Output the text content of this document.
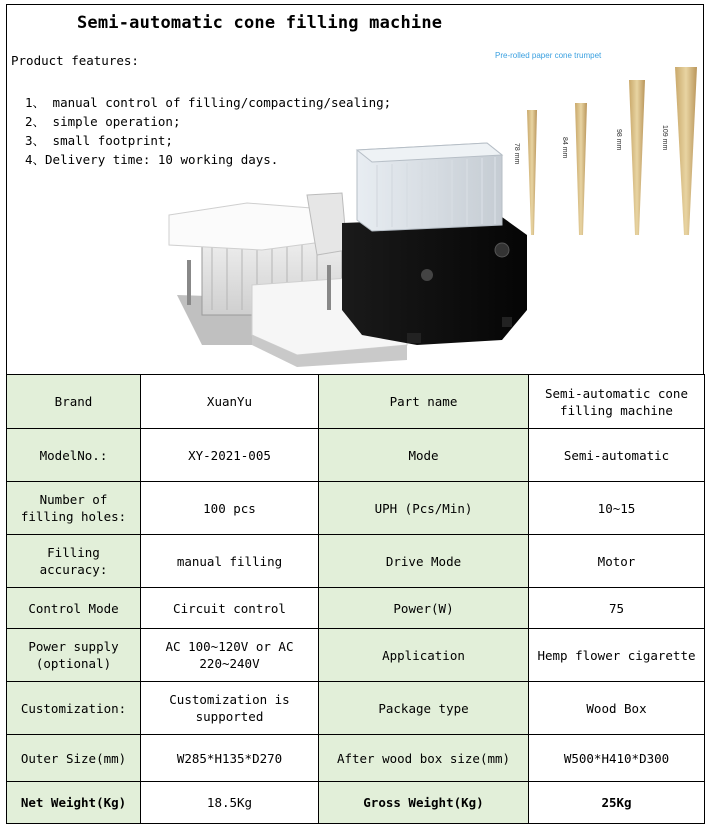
Semi-automatic cone filling machine
Product features:
1、 manual control of filling/compacting/sealing;
2、 simple operation;
3、 small footprint;
4、Delivery time: 10 working days.	78 mm	84 mm	98 mm	109 mm
Pre-rolled paper cone trumpet
Brand	XuanYu	Part name	Semi-automatic cone filling machine
ModelNo.:	XY-2021-005	Mode	Semi-automatic
Number of filling holes:	100 pcs	UPH (Pcs/Min)	10~15
Filling accuracy:	manual filling	Drive Mode	Motor
Control Mode	Circuit control	Power(W)	75
Power supply (optional)	AC 100~120V or AC 220~240V	Application	Hemp flower cigarette
Customization:	Customization is supported	Package type	Wood Box
Outer Size(mm)	W285*H135*D270	After wood box size(mm)	W500*H410*D300
Net Weight(Kg)	18.5Kg	Gross Weight(Kg)	25Kg
